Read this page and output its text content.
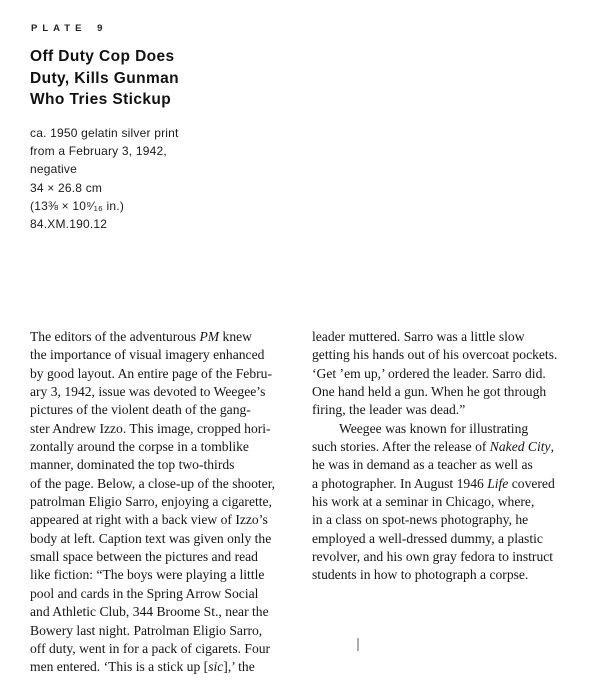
PLATE 9
Off Duty Cop Does
Duty, Kills Gunman
Who Tries Stickup
ca. 1950 gelatin silver print
from a February 3, 1942,
negative
34 × 26.8 cm
(13⅜ × 10⁹⁄₁₆ in.)
84.XM.190.12
The editors of the adventurous PM knew
the importance of visual imagery enhanced
by good layout. An entire page of the Febru-
ary 3, 1942, issue was devoted to Weegee’s
pictures of the violent death of the gang-
ster Andrew Izzo. This image, cropped hori-
zontally around the corpse in a tomblike
manner, dominated the top two-thirds
of the page. Below, a close-up of the shooter,
patrolman Eligio Sarro, enjoying a cigarette,
appeared at right with a back view of Izzo’s
body at left. Caption text was given only the
small space between the pictures and read
like fiction: “The boys were playing a little
pool and cards in the Spring Arrow Social
and Athletic Club, 344 Broome St., near the
Bowery last night. Patrolman Eligio Sarro,
off duty, went in for a pack of cigarets. Four
men entered. ‘This is a stick up [sic],’ the
leader muttered. Sarro was a little slow
getting his hands out of his overcoat pockets.
‘Get ’em up,’ ordered the leader. Sarro did.
One hand held a gun. When he got through
firing, the leader was dead.”
Weegee was known for illustrating
such stories. After the release of Naked City,
he was in demand as a teacher as well as
a photographer. In August 1946 Life covered
his work at a seminar in Chicago, where,
in a class on spot-news photography, he
employed a well-dressed dummy, a plastic
revolver, and his own gray fedora to instruct
students in how to photograph a corpse.
